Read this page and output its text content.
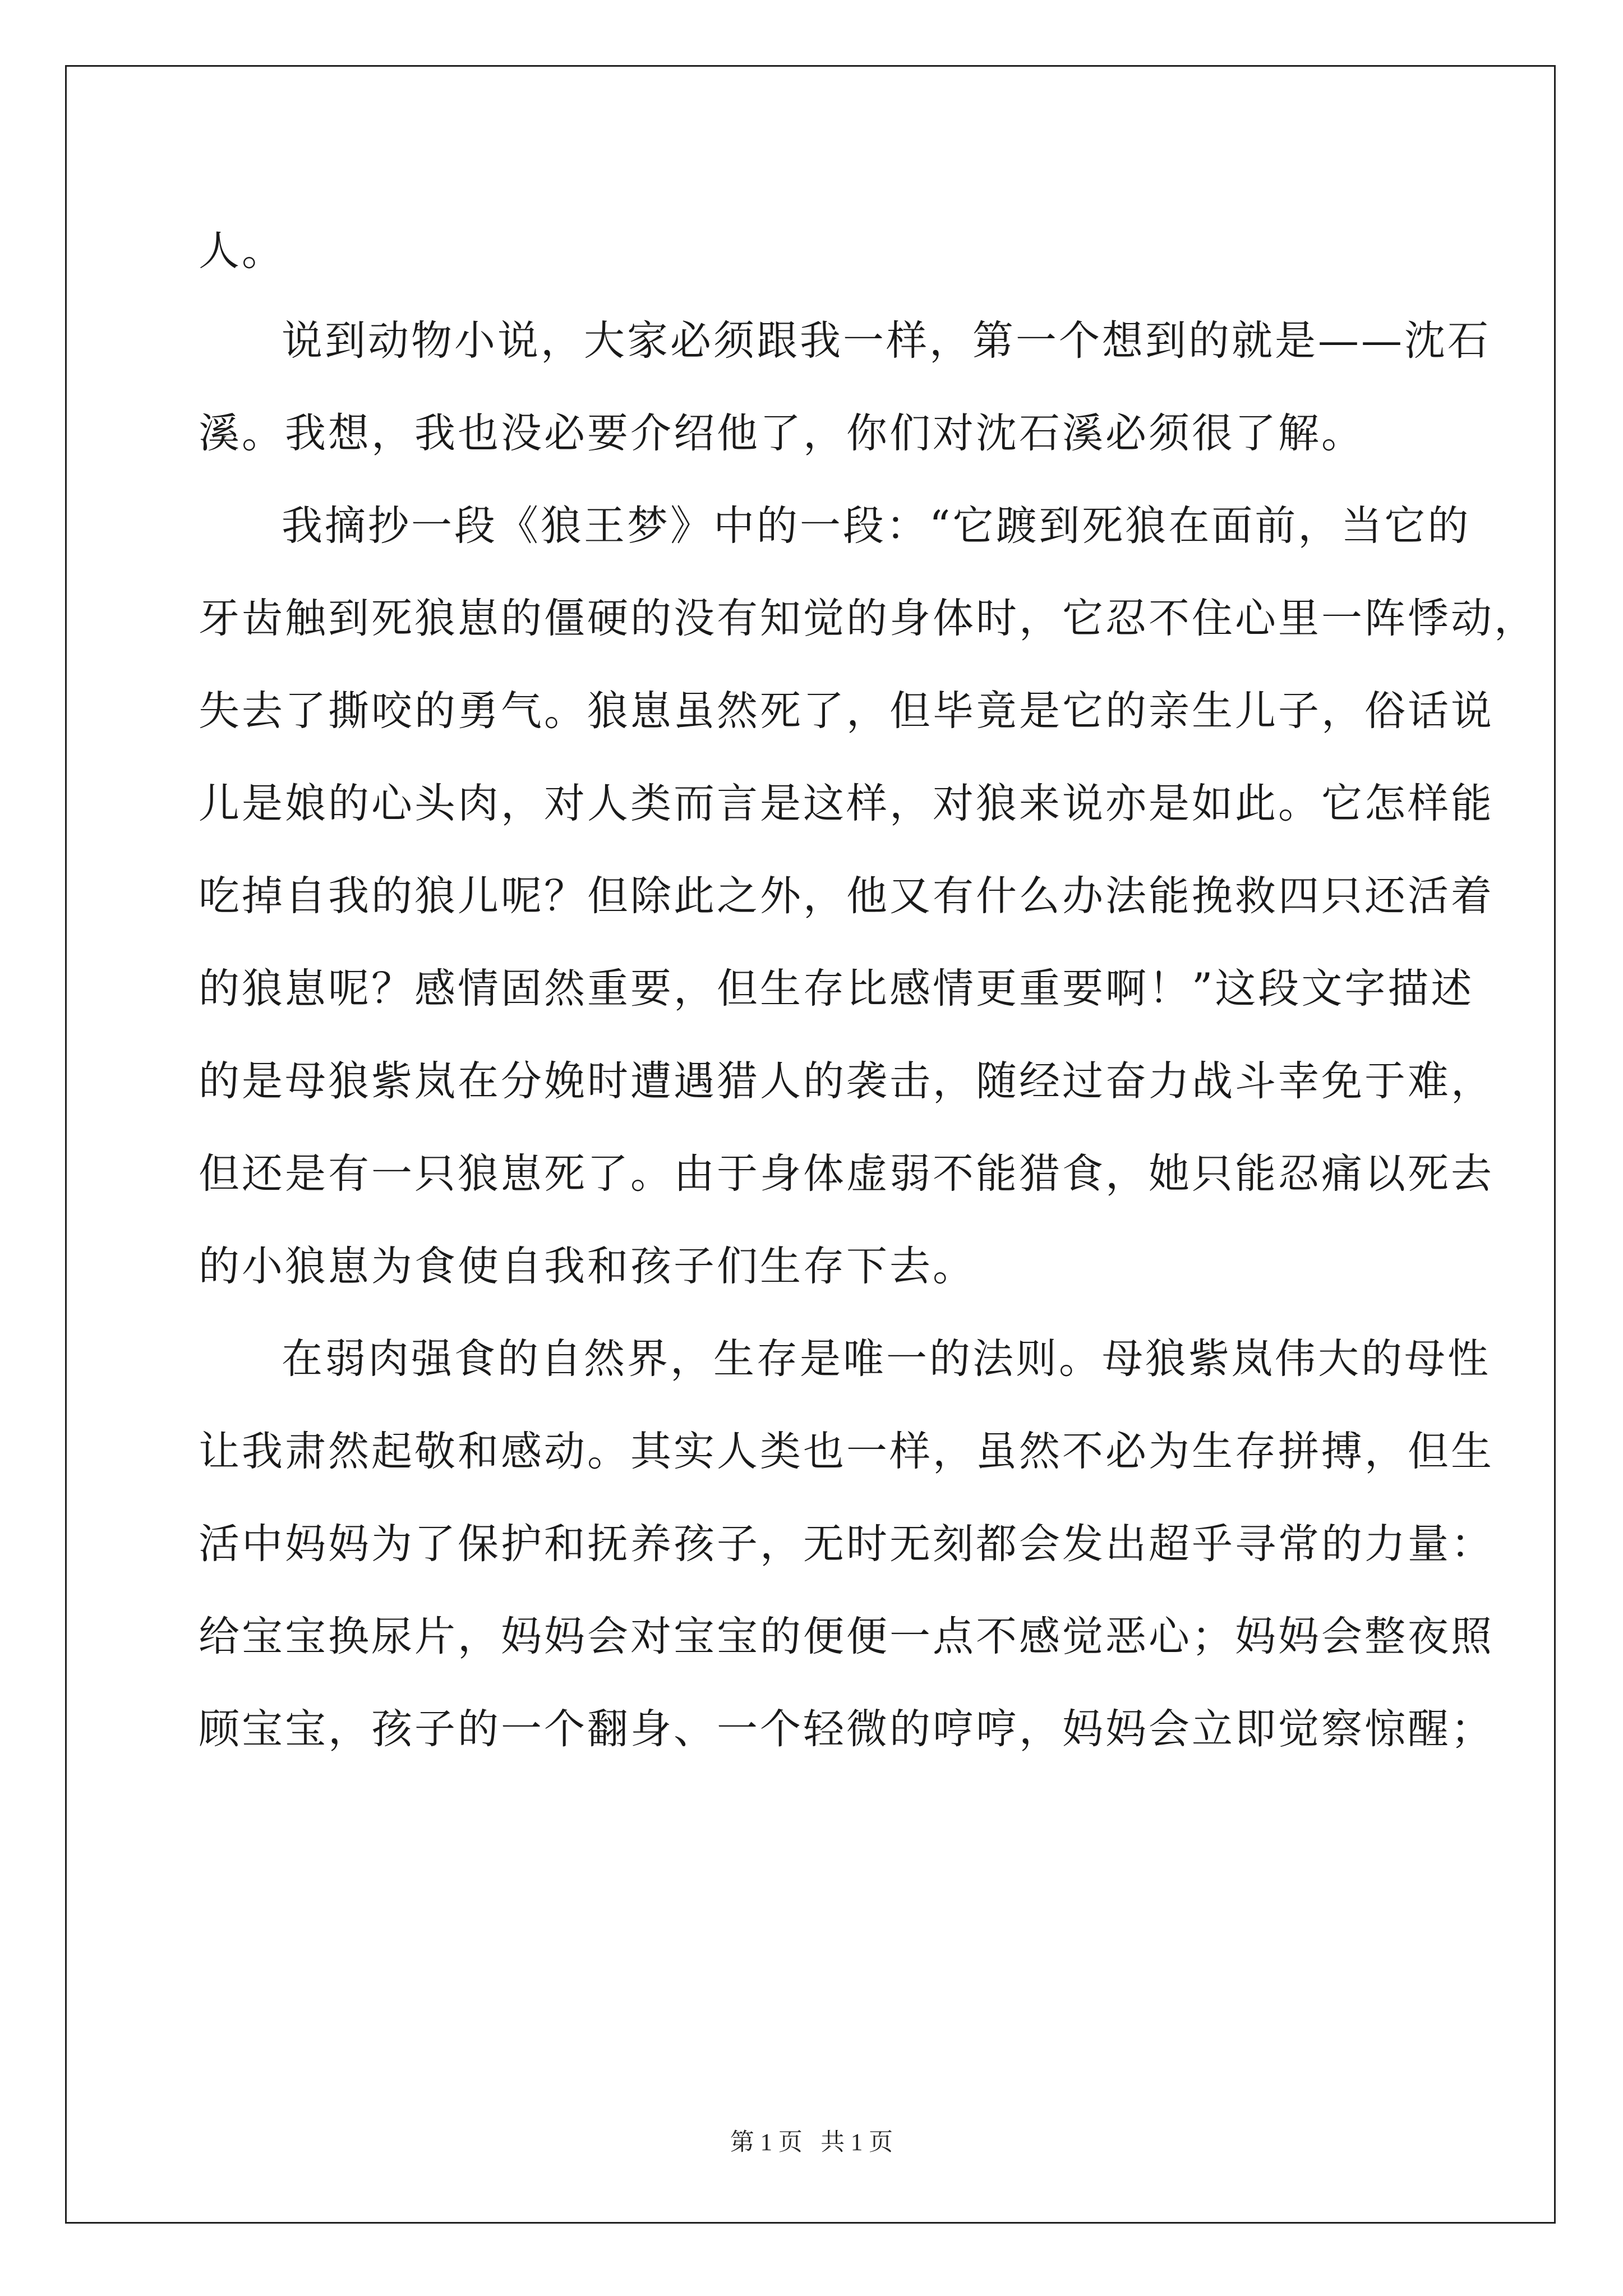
人。
说到动物小说，大家必须跟我一样，第一个想到的就是——沈石
溪。我想，我也没必要介绍他了，你们对沈石溪必须很了解。
我摘抄一段《狼王梦》中的一段：“它踱到死狼在面前，当它的
牙齿触到死狼崽的僵硬的没有知觉的身体时，它忍不住心里一阵悸动，
失去了撕咬的勇气。狼崽虽然死了，但毕竟是它的亲生儿子，俗话说
儿是娘的心头肉，对人类而言是这样，对狼来说亦是如此。它怎样能
吃掉自我的狼儿呢？但除此之外，他又有什么办法能挽救四只还活着
的狼崽呢？感情固然重要，但生存比感情更重要啊！”这段文字描述
的是母狼紫岚在分娩时遭遇猎人的袭击，随经过奋力战斗幸免于难，
但还是有一只狼崽死了。由于身体虚弱不能猎食，她只能忍痛以死去
的小狼崽为食使自我和孩子们生存下去。
在弱肉强食的自然界，生存是唯一的法则。母狼紫岚伟大的母性
让我肃然起敬和感动。其实人类也一样，虽然不必为生存拼搏，但生
活中妈妈为了保护和抚养孩子，无时无刻都会发出超乎寻常的力量：
给宝宝换尿片，妈妈会对宝宝的便便一点不感觉恶心；妈妈会整夜照
顾宝宝，孩子的一个翻身、一个轻微的哼哼，妈妈会立即觉察惊醒；
第 1 页   共 1 页
